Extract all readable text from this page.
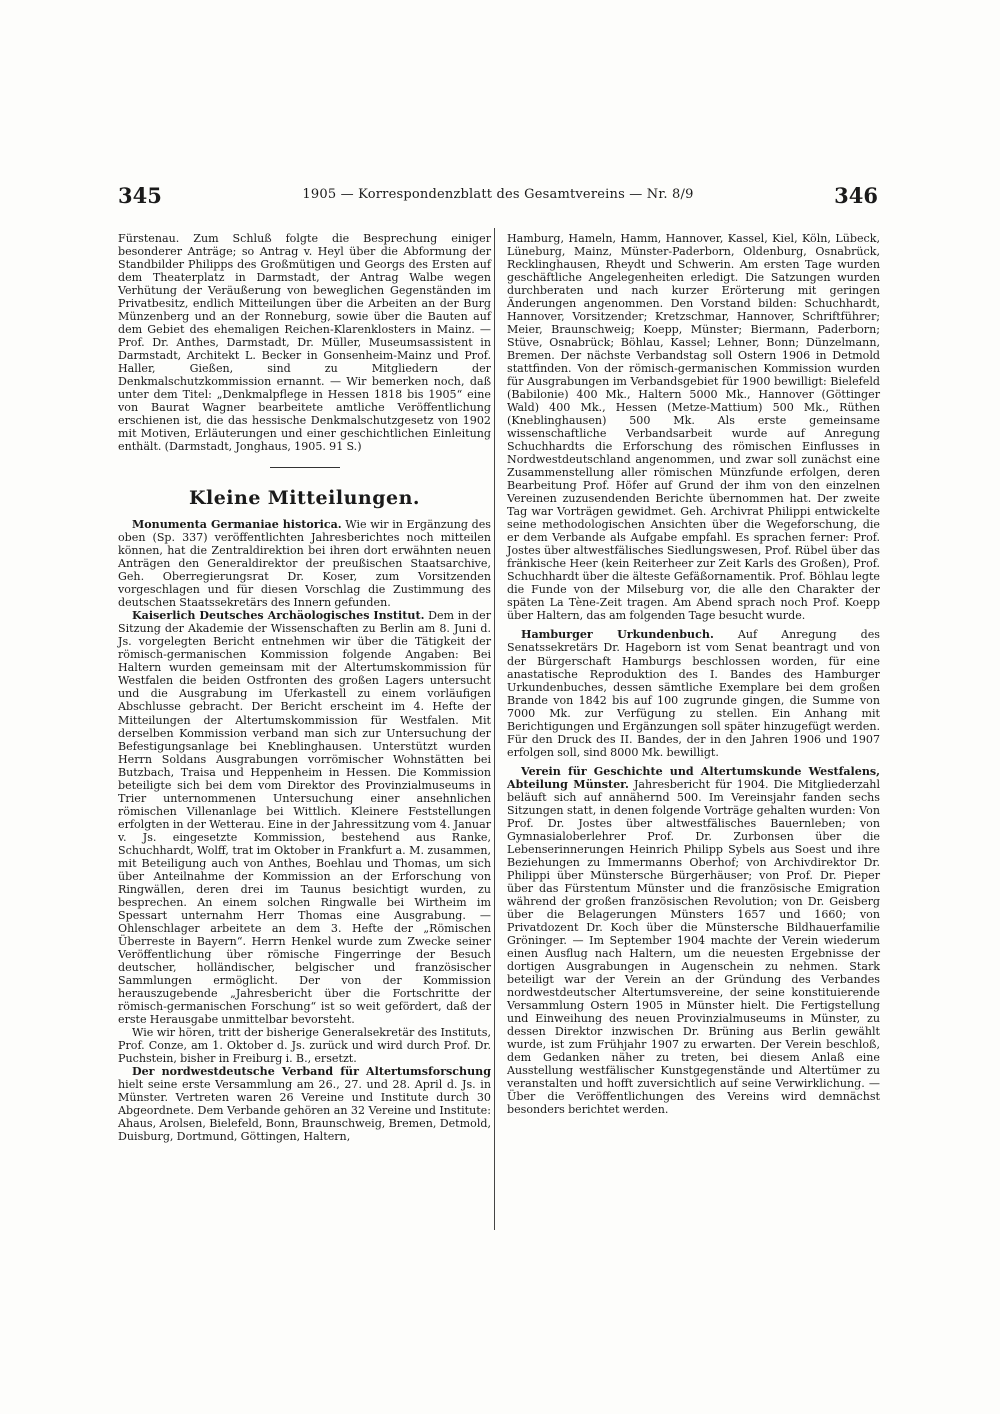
345	1905 — Korrespondenzblatt des Gesamtvereins — Nr. 8/9	346

Fürstenau. Zum Schluß folgte die Besprechung einiger besonderer Anträge; so Antrag v. Heyl über die Abformung der Standbilder Philipps des Großmütigen und Georgs des Ersten auf dem Theaterplatz in Darmstadt, der Antrag Walbe wegen Verhütung der Veräußerung von beweglichen Gegenständen im Privatbesitz, endlich Mitteilungen über die Arbeiten an der Burg Münzenberg und an der Ronneburg, sowie über die Bauten auf dem Gebiet des ehemaligen Reichen-Klarenklosters in Mainz. — Prof. Dr. Anthes, Darmstadt, Dr. Müller, Museumsassistent in Darmstadt, Architekt L. Becker in Gonsenheim-Mainz und Prof. Haller, Gießen, sind zu Mitgliedern der Denkmalschutzkommission ernannt. — Wir bemerken noch, daß unter dem Titel: „Denkmalpflege in Hessen 1818 bis 1905“ eine von Baurat Wagner bearbeitete amtliche Veröffentlichung erschienen ist, die das hessische Denkmalschutzgesetz von 1902 mit Motiven, Erläuterungen und einer geschichtlichen Einleitung enthält. (Darmstadt, Jonghaus, 1905. 91 S.)

Kleine Mitteilungen.

Monumenta Germaniae historica. Wie wir in Ergänzung des oben (Sp. 337) veröffentlichten Jahresberichtes noch mitteilen können, hat die Zentraldirektion bei ihren dort erwähnten neuen Anträgen den Generaldirektor der preußischen Staatsarchive, Geh. Oberregierungsrat Dr. Koser, zum Vorsitzenden vorgeschlagen und für diesen Vorschlag die Zustimmung des deutschen Staatssekretärs des Innern gefunden.

Kaiserlich Deutsches Archäologisches Institut. Dem in der Sitzung der Akademie der Wissenschaften zu Berlin am 8. Juni d. Js. vorgelegten Bericht entnehmen wir über die Tätigkeit der römisch-germanischen Kommission folgende Angaben: Bei Haltern wurden gemeinsam mit der Altertumskommission für Westfalen die beiden Ostfronten des großen Lagers untersucht und die Ausgrabung im Uferkastell zu einem vorläufigen Abschlusse gebracht. Der Bericht erscheint im 4. Hefte der Mitteilungen der Altertumskommission für Westfalen. Mit derselben Kommission verband man sich zur Untersuchung der Befestigungsanlage bei Kneblinghausen. Unterstützt wurden Herrn Soldans Ausgrabungen vorrömischer Wohnstätten bei Butzbach, Traisa und Heppenheim in Hessen. Die Kommission beteiligte sich bei dem vom Direktor des Provinzialmuseums in Trier unternommenen Untersuchung einer ansehnlichen römischen Villenanlage bei Wittlich. Kleinere Feststellungen erfolgten in der Wetterau. Eine in der Jahressitzung vom 4. Januar v. Js. eingesetzte Kommission, bestehend aus Ranke, Schuchhardt, Wolff, trat im Oktober in Frankfurt a. M. zusammen, mit Beteiligung auch von Anthes, Boehlau und Thomas, um sich über Anteilnahme der Kommission an der Erforschung von Ringwällen, deren drei im Taunus besichtigt wurden, zu besprechen. An einem solchen Ringwalle bei Wirtheim im Spessart unternahm Herr Thomas eine Ausgrabung. — Ohlenschlager arbeitete an dem 3. Hefte der „Römischen Überreste in Bayern“. Herrn Henkel wurde zum Zwecke seiner Veröffentlichung über römische Fingerringe der Besuch deutscher, holländischer, belgischer und französischer Sammlungen ermöglicht. Der von der Kommission herauszugebende „Jahresbericht über die Fortschritte der römisch-germanischen Forschung“ ist so weit gefördert, daß der erste Herausgabe unmittelbar bevorsteht.

Wie wir hören, tritt der bisherige Generalsekretär des Instituts, Prof. Conze, am 1. Oktober d. Js. zurück und wird durch Prof. Dr. Puchstein, bisher in Freiburg i. B., ersetzt.

Der nordwestdeutsche Verband für Altertumsforschung hielt seine erste Versammlung am 26., 27. und 28. April d. Js. in Münster. Vertreten waren 26 Vereine und Institute durch 30 Abgeordnete. Dem Verbande gehören an 32 Vereine und Institute: Ahaus, Arolsen, Bielefeld, Bonn, Braunschweig, Bremen, Detmold, Duisburg, Dortmund, Göttingen, Haltern,

Hamburg, Hameln, Hamm, Hannover, Kassel, Kiel, Köln, Lübeck, Lüneburg, Mainz, Münster-Paderborn, Oldenburg, Osnabrück, Recklinghausen, Rheydt und Schwerin. Am ersten Tage wurden geschäftliche Angelegenheiten erledigt. Die Satzungen wurden durchberaten und nach kurzer Erörterung mit geringen Änderungen angenommen. Den Vorstand bilden: Schuchhardt, Hannover, Vorsitzender; Kretzschmar, Hannover, Schriftführer; Meier, Braunschweig; Koepp, Münster; Biermann, Paderborn; Stüve, Osnabrück; Böhlau, Kassel; Lehner, Bonn; Dünzelmann, Bremen. Der nächste Verbandstag soll Ostern 1906 in Detmold stattfinden. Von der römisch-germanischen Kommission wurden für Ausgrabungen im Verbandsgebiet für 1900 bewilligt: Bielefeld (Babilonie) 400 Mk., Haltern 5000 Mk., Hannover (Göttinger Wald) 400 Mk., Hessen (Metze-Mattium) 500 Mk., Rüthen (Kneblinghausen) 500 Mk. Als erste gemeinsame wissenschaftliche Verbandsarbeit wurde auf Anregung Schuchhardts die Erforschung des römischen Einflusses in Nordwestdeutschland angenommen, und zwar soll zunächst eine Zusammenstellung aller römischen Münzfunde erfolgen, deren Bearbeitung Prof. Höfer auf Grund der ihm von den einzelnen Vereinen zuzusendenden Berichte übernommen hat. Der zweite Tag war Vorträgen gewidmet. Geh. Archivrat Philippi entwickelte seine methodologischen Ansichten über die Wegeforschung, die er dem Verbande als Aufgabe empfahl. Es sprachen ferner: Prof. Jostes über altwestfälisches Siedlungswesen, Prof. Rübel über das fränkische Heer (kein Reiterheer zur Zeit Karls des Großen), Prof. Schuchhardt über die älteste Gefäßornamentik. Prof. Böhlau legte die Funde von der Milseburg vor, die alle den Charakter der späten La Tène-Zeit tragen. Am Abend sprach noch Prof. Koepp über Haltern, das am folgenden Tage besucht wurde.

Hamburger Urkundenbuch. Auf Anregung des Senatssekretärs Dr. Hageborn ist vom Senat beantragt und von der Bürgerschaft Hamburgs beschlossen worden, für eine anastatische Reproduktion des I. Bandes des Hamburger Urkundenbuches, dessen sämtliche Exemplare bei dem großen Brande von 1842 bis auf 100 zugrunde gingen, die Summe von 7000 Mk. zur Verfügung zu stellen. Ein Anhang mit Berichtigungen und Ergänzungen soll später hinzugefügt werden. Für den Druck des II. Bandes, der in den Jahren 1906 und 1907 erfolgen soll, sind 8000 Mk. bewilligt.

Verein für Geschichte und Altertumskunde Westfalens, Abteilung Münster. Jahresbericht für 1904. Die Mitgliederzahl beläuft sich auf annähernd 500. Im Vereinsjahr fanden sechs Sitzungen statt, in denen folgende Vorträge gehalten wurden: Von Prof. Dr. Jostes über altwestfälisches Bauernleben; von Gymnasialoberlehrer Prof. Dr. Zurbonsen über die Lebenserinnerungen Heinrich Philipp Sybels aus Soest und ihre Beziehungen zu Immermanns Oberhof; von Archivdirektor Dr. Philippi über Münstersche Bürgerhäuser; von Prof. Dr. Pieper über das Fürstentum Münster und die französische Emigration während der großen französischen Revolution; von Dr. Geisberg über die Belagerungen Münsters 1657 und 1660; von Privatdozent Dr. Koch über die Münstersche Bildhauerfamilie Gröninger. — Im September 1904 machte der Verein wiederum einen Ausflug nach Haltern, um die neuesten Ergebnisse der dortigen Ausgrabungen in Augenschein zu nehmen. Stark beteiligt war der Verein an der Gründung des Verbandes nordwestdeutscher Altertumsvereine, der seine konstituierende Versammlung Ostern 1905 in Münster hielt. Die Fertigstellung und Einweihung des neuen Provinzialmuseums in Münster, zu dessen Direktor inzwischen Dr. Brüning aus Berlin gewählt wurde, ist zum Frühjahr 1907 zu erwarten. Der Verein beschloß, dem Gedanken näher zu treten, bei diesem Anlaß eine Ausstellung westfälischer Kunstgegenstände und Altertümer zu veranstalten und hofft zuversichtlich auf seine Verwirklichung. — Über die Veröffentlichungen des Vereins wird demnächst besonders berichtet werden.
